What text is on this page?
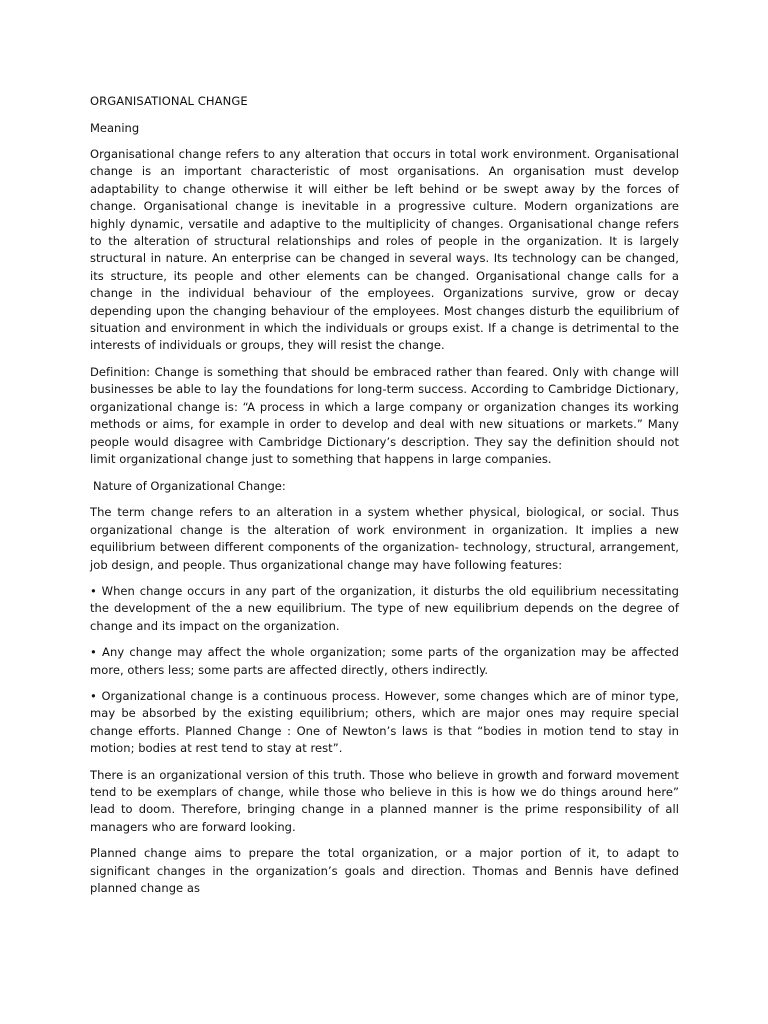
ORGANISATIONAL CHANGE
Meaning

Organisational change refers to any alteration that occurs in total work environment. Organisational change is an important characteristic of most organisations. An organisation must develop adaptability to change otherwise it will either be left behind or be swept away by the forces of change. Organisational change is inevitable in a progressive culture. Modern organizations are highly dynamic, versatile and adaptive to the multiplicity of changes. Organisational change refers to the alteration of structural relationships and roles of people in the organization. It is largely structural in nature. An enterprise can be changed in several ways. Its technology can be changed, its structure, its people and other elements can be changed. Organisational change calls for a change in the individual behaviour of the employees. Organizations survive, grow or decay depending upon the changing behaviour of the employees. Most changes disturb the equilibrium of situation and environment in which the individuals or groups exist. If a change is detrimental to the interests of individuals or groups, they will resist the change.

Definition: Change is something that should be embraced rather than feared. Only with change will businesses be able to lay the foundations for long-term success. According to Cambridge Dictionary, organizational change is: “A process in which a large company or organization changes its working methods or aims, for example in order to develop and deal with new situations or markets.” Many people would disagree with Cambridge Dictionary’s description. They say the definition should not limit organizational change just to something that happens in large companies.

Nature of Organizational Change:

The term change refers to an alteration in a system whether physical, biological, or social. Thus organizational change is the alteration of work environment in organization. It implies a new equilibrium between different components of the organization- technology, structural, arrangement, job design, and people. Thus organizational change may have following features:

• When change occurs in any part of the organization, it disturbs the old equilibrium necessitating the development of the a new equilibrium. The type of new equilibrium depends on the degree of change and its impact on the organization.

• Any change may affect the whole organization; some parts of the organization may be affected more, others less; some parts are affected directly, others indirectly.

• Organizational change is a continuous process. However, some changes which are of minor type, may be absorbed by the existing equilibrium; others, which are major ones may require special change efforts. Planned Change : One of Newton’s laws is that “bodies in motion tend to stay in motion; bodies at rest tend to stay at rest”.

There is an organizational version of this truth. Those who believe in growth and forward movement tend to be exemplars of change, while those who believe in this is how we do things around here” lead to doom. Therefore, bringing change in a planned manner is the prime responsibility of all managers who are forward looking.

Planned change aims to prepare the total organization, or a major portion of it, to adapt to significant changes in the organization’s goals and direction. Thomas and Bennis have defined planned change as
